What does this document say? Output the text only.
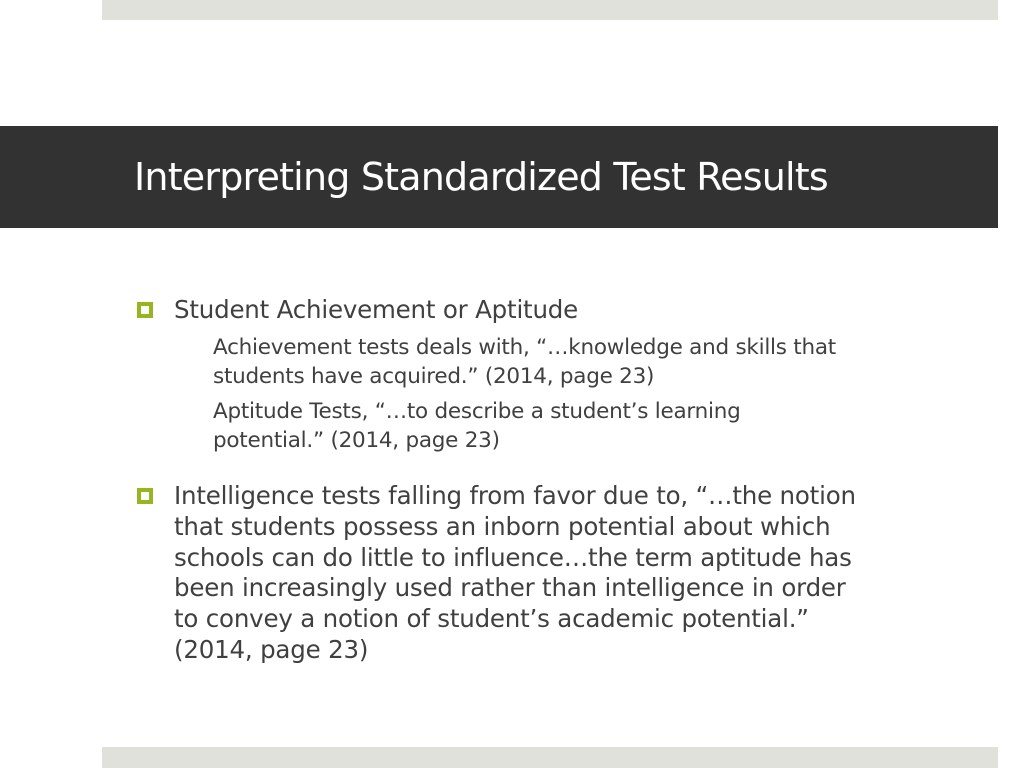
Interpreting Standardized Test Results

Student Achievement or Aptitude

Achievement tests deals with, “…knowledge and skills that
students have acquired.” (2014, page 23)
Aptitude Tests, “…to describe a student’s learning
potential.” (2014, page 23)
Intelligence tests falling from favor due to, “…the notion
that students possess an inborn potential about which
schools can do little to influence…the term aptitude has
been increasingly used rather than intelligence in order
to convey a notion of student’s academic potential.”
(2014, page 23)
